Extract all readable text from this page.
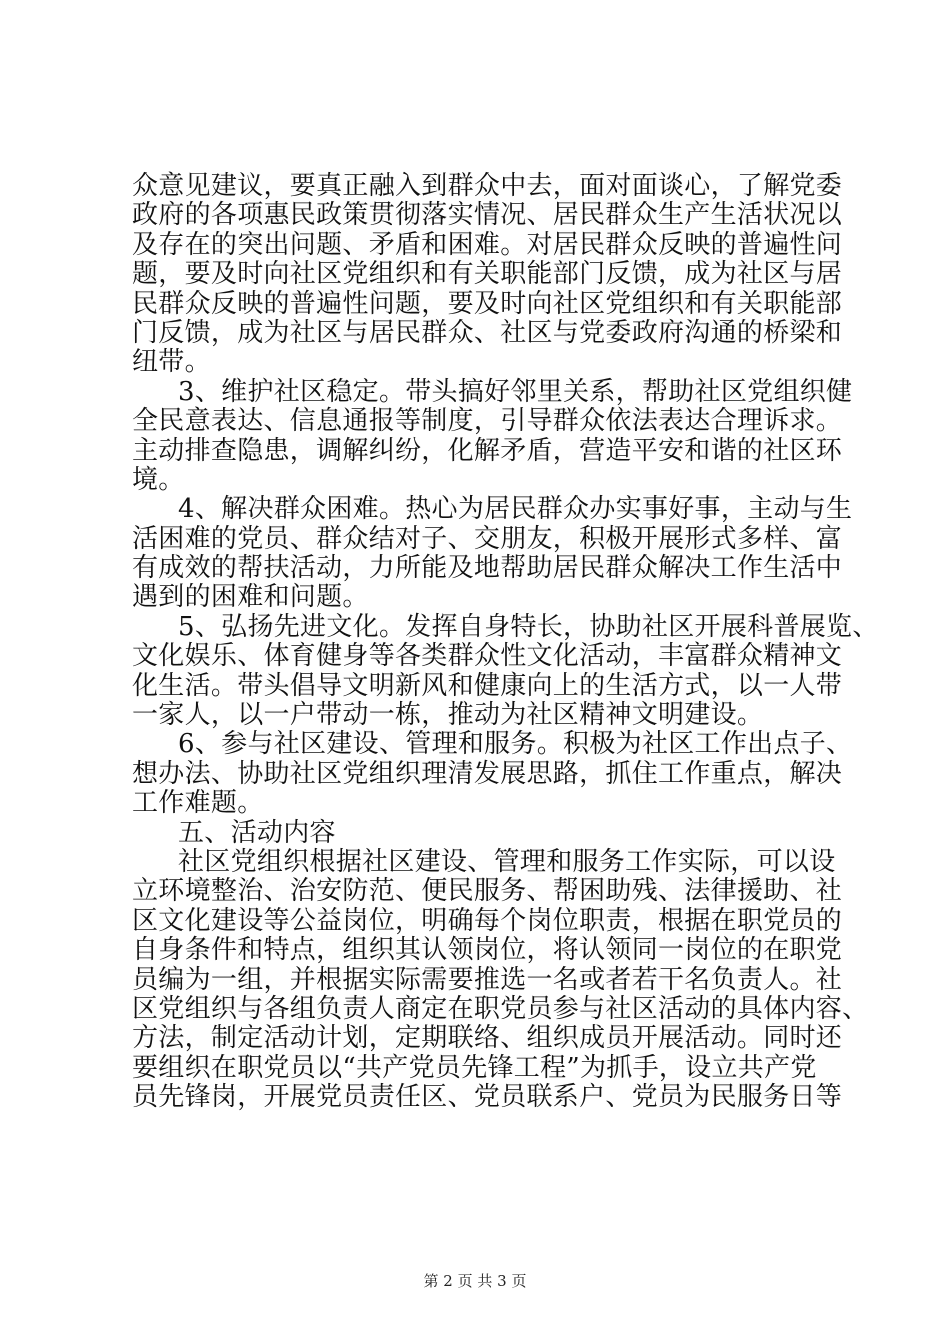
众意见建议，要真正融入到群众中去，面对面谈心，了解党委
政府的各项惠民政策贯彻落实情况、居民群众生产生活状况以
及存在的突出问题、矛盾和困难。对居民群众反映的普遍性问
题，要及时向社区党组织和有关职能部门反馈，成为社区与居
民群众反映的普遍性问题，要及时向社区党组织和有关职能部
门反馈，成为社区与居民群众、社区与党委政府沟通的桥梁和
纽带。
3、维护社区稳定。带头搞好邻里关系，帮助社区党组织健
全民意表达、信息通报等制度，引导群众依法表达合理诉求。
主动排查隐患，调解纠纷，化解矛盾，营造平安和谐的社区环
境。
4、解决群众困难。热心为居民群众办实事好事，主动与生
活困难的党员、群众结对子、交朋友，积极开展形式多样、富
有成效的帮扶活动，力所能及地帮助居民群众解决工作生活中
遇到的困难和问题。
5、弘扬先进文化。发挥自身特长，协助社区开展科普展览、
文化娱乐、体育健身等各类群众性文化活动，丰富群众精神文
化生活。带头倡导文明新风和健康向上的生活方式，以一人带
一家人，以一户带动一栋，推动为社区精神文明建设。
6、参与社区建设、管理和服务。积极为社区工作出点子、
想办法、协助社区党组织理清发展思路，抓住工作重点，解决
工作难题。
五、活动内容
社区党组织根据社区建设、管理和服务工作实际，可以设
立环境整治、治安防范、便民服务、帮困助残、法律援助、社
区文化建设等公益岗位，明确每个岗位职责，根据在职党员的
自身条件和特点，组织其认领岗位，将认领同一岗位的在职党
员编为一组，并根据实际需要推选一名或者若干名负责人。社
区党组织与各组负责人商定在职党员参与社区活动的具体内容、
方法，制定活动计划，定期联络、组织成员开展活动。同时还
要组织在职党员以“共产党员先锋工程”为抓手，设立共产党
员先锋岗，开展党员责任区、党员联系户、党员为民服务日等
第 2 页 共 3 页
